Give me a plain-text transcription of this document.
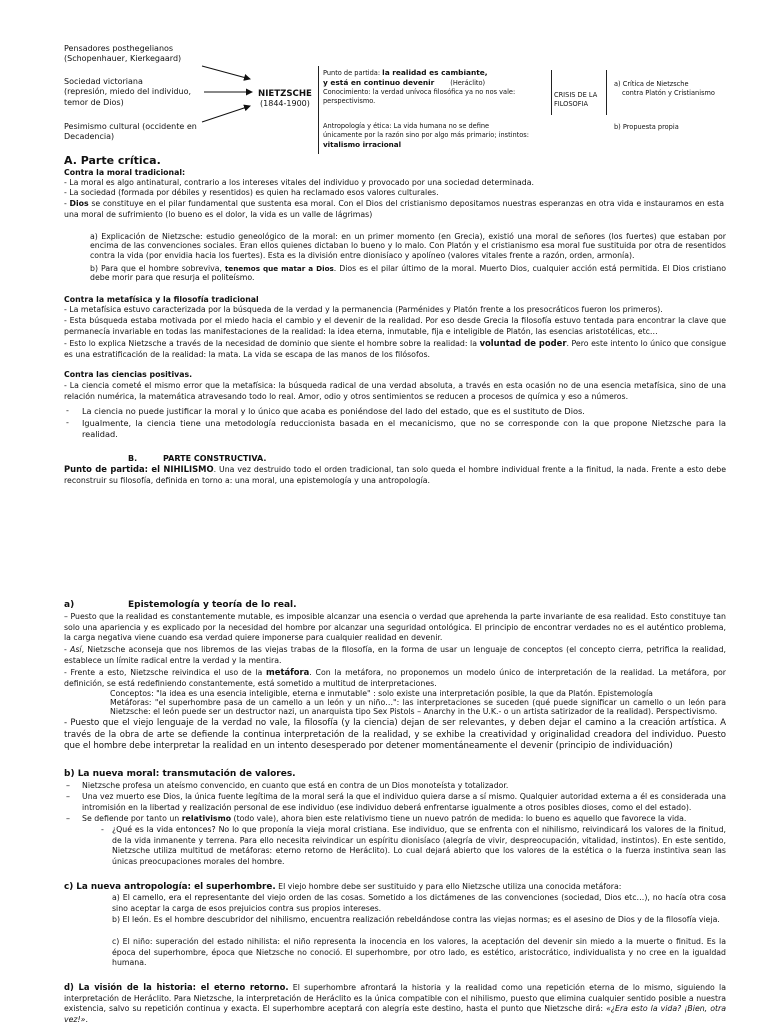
Pensadores posthegelianos
(Schopenhauer, Kierkegaard)
Sociedad victoriana
(represión, miedo del individuo,
temor de Dios)
Pesimismo cultural (occidente en
Decadencia)
NIETZSCHE
(1844-1900)
Punto de partida: la realidad es cambiante,
y está en continuo devenir (Heráclito)
Conocimiento: la verdad unívoca filosófica ya no nos vale:
perspectivismo.
Antropología y ética: La vida humana no se define
únicamente por la razón sino por algo más primario; instintos:
vitalismo irracional
CRISIS DE LA
FILOSOFIA
a) Crítica de Nietzsche
contra Platón y Cristianismo
b) Propuesta propia
A. Parte crítica.
Contra la moral tradicional:
- La moral es algo antinatural, contrario a los intereses vitales del individuo y provocado por una sociedad determinada.
- La sociedad (formada por débiles y resentidos) es quien ha reclamado esos valores culturales.
- Dios se constituye en el pilar fundamental que sustenta esa moral. Con el Dios del cristianismo depositamos nuestras esperanzas en otra vida e instauramos en esta una moral de sufrimiento (lo bueno es el dolor, la vida es un valle de lágrimas)
a) Explicación de Nietzsche: estudio geneológico de la moral: en un primer momento (en Grecia), existió una moral de señores (los fuertes) que estaban por encima de las convenciones sociales. Eran ellos quienes dictaban lo bueno y lo malo. Con Platón y el cristianismo esa moral fue sustituida por otra de resentidos contra la vida (por envidia hacia los fuertes). Esta es la división entre dionisíaco y apolíneo (valores vitales frente a razón, orden, armonía).
b) Para que el hombre sobreviva, tenemos que matar a Dios. Dios es el pilar último de la moral. Muerto Dios, cualquier acción está permitida. El Dios cristiano debe morir para que resurja el politeísmo.
Contra la metafísica y la filosofía tradicional
- La metafísica estuvo caracterizada por la búsqueda de la verdad y la permanencia (Parménides y Platón frente a los presocráticos fueron los primeros).
- Esta búsqueda estaba motivada por el miedo hacia el cambio y el devenir de la realidad. Por eso desde Grecia la filosofía estuvo tentada para encontrar la clave que permanecía invariable en todas las manifestaciones de la realidad: la idea eterna, inmutable, fija e inteligible de Platón, las esencias aristotélicas, etc…
- Esto lo explica Nietzsche a través de la necesidad de dominio que siente el hombre sobre la realidad: la voluntad de poder. Pero este intento lo único que consigue es una estratificación de la realidad: la mata. La vida se escapa de las manos de los filósofos.
Contra las ciencias positivas.
- La ciencia cometé el mismo error que la metafísica: la búsqueda radical de una verdad absoluta, a través en esta ocasión no de una esencia metafísica, sino de una relación numérica, la matemática atravesando todo lo real. Amor, odio y otros sentimientos se reducen a procesos de química y eso a números.
- La ciencia no puede justificar la moral y lo único que acaba es poniéndose del lado del estado, que es el sustituto de Dios.
- Igualmente, la ciencia tiene una metodología reduccionista basada en el mecanicismo, que no se corresponde con la que propone Nietzsche para la realidad.
B.	PARTE CONSTRUCTIVA.
Punto de partida: el NIHILISMO. Una vez destruido todo el orden tradicional, tan solo queda el hombre individual frente a la finitud, la nada. Frente a esto debe reconstruir su filosofía, definida en torno a: una moral, una epistemología y una antropología.
a)	Epistemología y teoría de lo real.
– Puesto que la realidad es constantemente mutable, es imposible alcanzar una esencia o verdad que aprehenda la parte invariante de esa realidad. Esto constituye tan solo una apariencia y es explicado por la necesidad del hombre por alcanzar una seguridad ontológica. El principio de encontrar verdades no es el auténtico problema, la carga negativa viene cuando esa verdad quiere imponerse para cualquier realidad en devenir.
- Así, Nietzsche aconseja que nos libremos de las viejas trabas de la filosofía, en la forma de usar un lenguaje de conceptos (el concepto cierra, petrifica la realidad, establece un límite radical entre la verdad y la mentira.
- Frente a esto, Nietzsche reivindica el uso de la metáfora. Con la metáfora, no proponemos un modelo único de interpretación de la realidad. La metáfora, por definición, se está redefiniendo constantemente, está sometido a multitud de interpretaciones.
Conceptos: "la idea es una esencia inteligible, eterna e inmutable" : solo existe una interpretación posible, la que da Platón. Epistemología
Metáforas: "el superhombre pasa de un camello a un león y un niño…": las interpretaciones se suceden (qué puede significar un camello o un león para Nietzsche: el león puede ser un destructor nazi, un anarquista tipo Sex Pistols – Anarchy in the U.K.- o un artista satirizador de la realidad). Perspectivismo.
- Puesto que el viejo lenguaje de la verdad no vale, la filosofía (y la ciencia) dejan de ser relevantes, y deben dejar el camino a la creación artística. A través de la obra de arte se defiende la continua interpretación de la realidad, y se exhibe la creatividad y originalidad creadora del individuo. Puesto que el hombre debe interpretar la realidad en un intento desesperado por detener momentáneamente el devenir (principio de individuación)
b) La nueva moral: transmutación de valores.
– Nietzsche profesa un ateísmo convencido, en cuanto que está en contra de un Dios monoteísta y totalizador.
– Una vez muerto ese Dios, la única fuente legítima de la moral será la que el individuo quiera darse a sí mismo. Qualquier autoridad externa a él es considerada una intromisión en la libertad y realización personal de ese individuo (ese individuo deberá enfrentarse igualmente a otros posibles dioses, como el del estado).
– Se defiende por tanto un relativismo (todo vale), ahora bien este relativismo tiene un nuevo patrón de medida: lo bueno es aquello que favorece la vida.
- ¿Qué es la vida entonces? No lo que proponía la vieja moral cristiana. Ese individuo, que se enfrenta con el nihilismo, reivindicará los valores de la finitud, de la vida inmanente y terrena. Para ello necesita reivindicar un espíritu dionisíaco (alegría de vivir, despreocupación, vitalidad, instintos). En este sentido, Nietzsche utiliza multitud de metáforas: eterno retorno de Heráclito). Lo cual dejará abierto que los valores de la estética o la fuerza instintiva sean las únicas preocupaciones morales del hombre.
c) La nueva antropología: el superhombre. El viejo hombre debe ser sustituido y para ello Nietzsche utiliza una conocida metáfora:
a) El camello, era el representante del viejo orden de las cosas. Sometido a los dictámenes de las convenciones (sociedad, Dios etc…), no hacía otra cosa sino aceptar la carga de esos prejuicios contra sus propios intereses.
b) El león. Es el hombre descubridor del nihilismo, encuentra realización rebeldándose contra las viejas normas; es el asesino de Dios y de la filosofía vieja.
c) El niño: superación del estado nihilista: el niño representa la inocencia en los valores, la aceptación del devenir sin miedo a la muerte o finitud. Es la época del superhombre, época que Nietzsche no conoció. El superhombre, por otro lado, es estético, aristocrático, individualista y no cree en la igualdad humana.
d) La visión de la historia: el eterno retorno. El superhombre afrontará la historia y la realidad como una repetición eterna de lo mismo, siguiendo la interpretación de Heráclito. Para Nietzsche, la interpretación de Heráclito es la única compatible con el nihilismo, puesto que elimina cualquier sentido posible a nuestra existencia, salvo su repetición continua y exacta. El superhombre aceptará con alegría este destino, hasta el punto que Nietzsche dirá: «¿Era esto la vida? ¡Bien, otra vez!».
